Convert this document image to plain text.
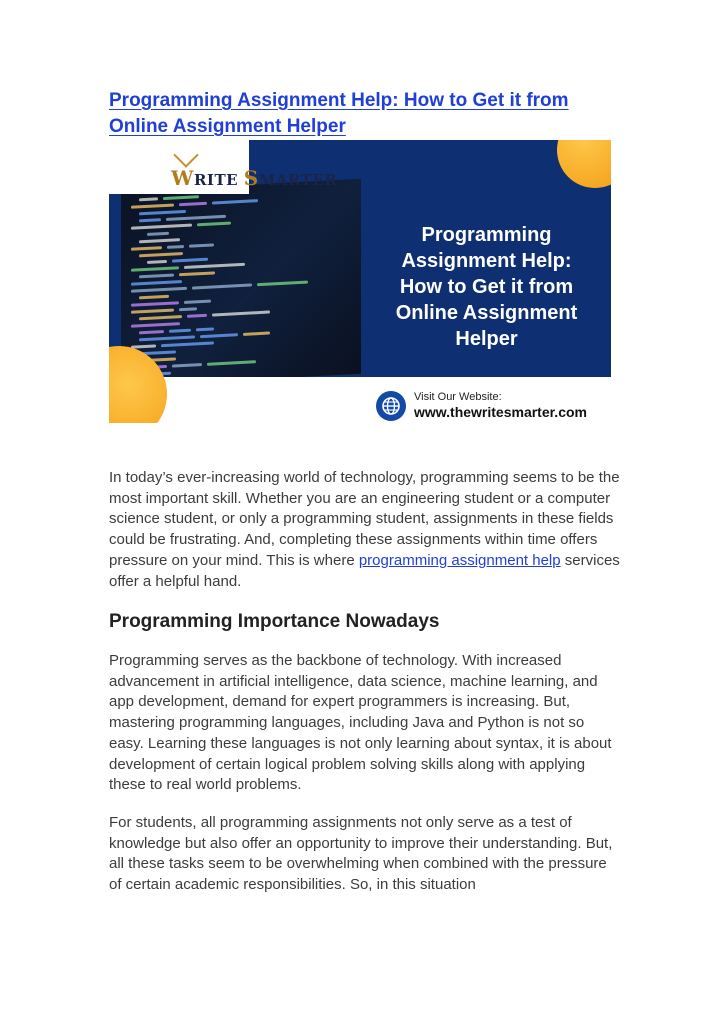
Programming Assignment Help: How to Get it from Online Assignment Helper
WRITE SMARTER
Programming
Assignment Help:
How to Get it from
Online Assignment
Helper
Visit Our Website:
www.thewritesmarter.com

In today’s ever-increasing world of technology, programming seems to be the most important skill. Whether you are an engineering student or a computer science student, or only a programming student, assignments in these fields could be frustrating. And, completing these assignments within time offers pressure on your mind. This is where programming assignment help services offer a helpful hand.

Programming Importance Nowadays

Programming serves as the backbone of technology. With increased advancement in artificial intelligence, data science, machine learning, and app development, demand for expert programmers is increasing. But, mastering programming languages, including Java and Python is not so easy. Learning these languages is not only learning about syntax, it is about development of certain logical problem solving skills along with applying these to real world problems.

For students, all programming assignments not only serve as a test of knowledge but also offer an opportunity to improve their understanding. But, all these tasks seem to be overwhelming when combined with the pressure of certain academic responsibilities. So, in this situation
